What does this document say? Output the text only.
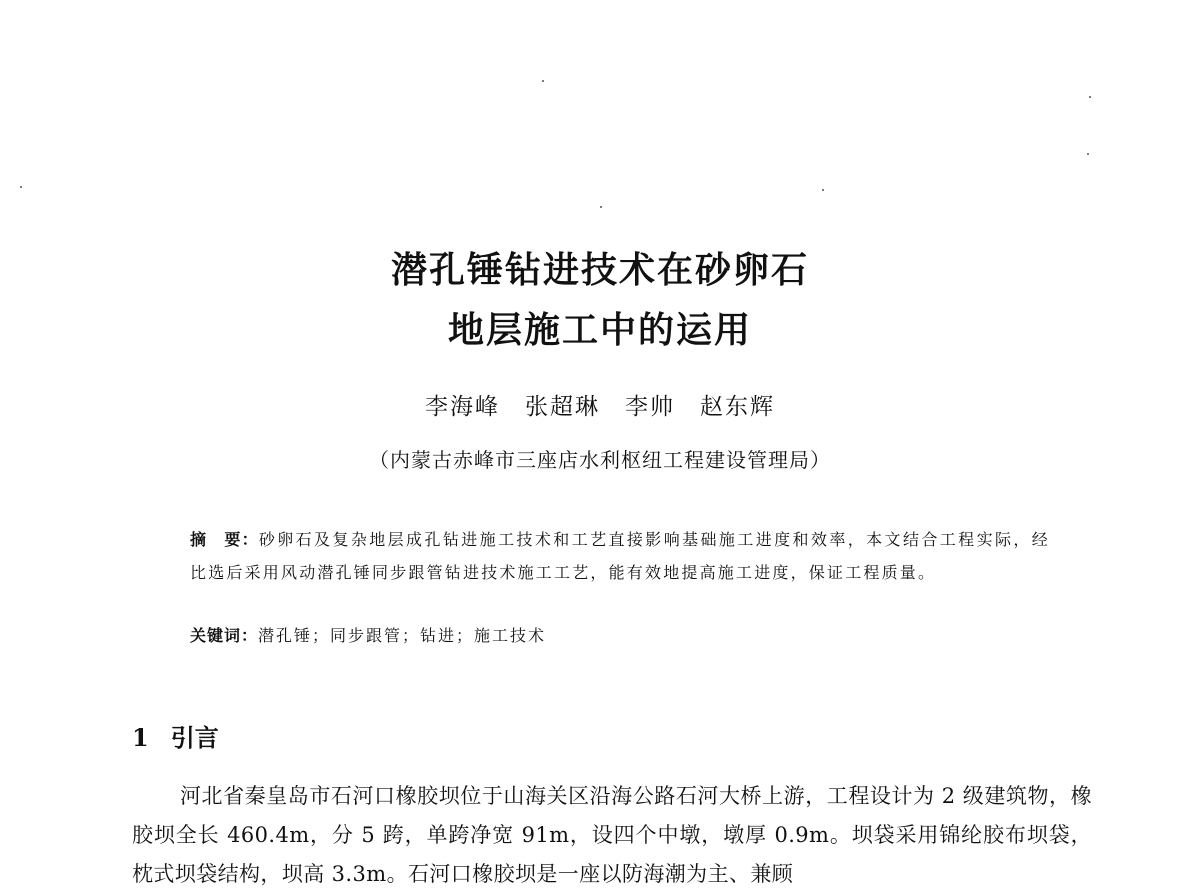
潜孔锤钻进技术在砂卵石
地层施工中的运用
李海峰　张超琳　李帅　赵东辉
（内蒙古赤峰市三座店水利枢纽工程建设管理局）
摘　要：砂卵石及复杂地层成孔钻进施工技术和工艺直接影响基础施工进度和效率，本文结合工程实际，经比选后采用风动潜孔锤同步跟管钻进技术施工工艺，能有效地提高施工进度，保证工程质量。
关键词：潜孔锤；同步跟管；钻进；施工技术
1 引言
河北省秦皇岛市石河口橡胶坝位于山海关区沿海公路石河大桥上游，工程设计为 2 级建筑物，橡胶坝全长 460.4m，分 5 跨，单跨净宽 91m，设四个中墩，墩厚 0.9m。坝袋采用锦纶胶布坝袋，枕式坝袋结构，坝高 3.3m。石河口橡胶坝是一座以防海潮为主、兼顾
